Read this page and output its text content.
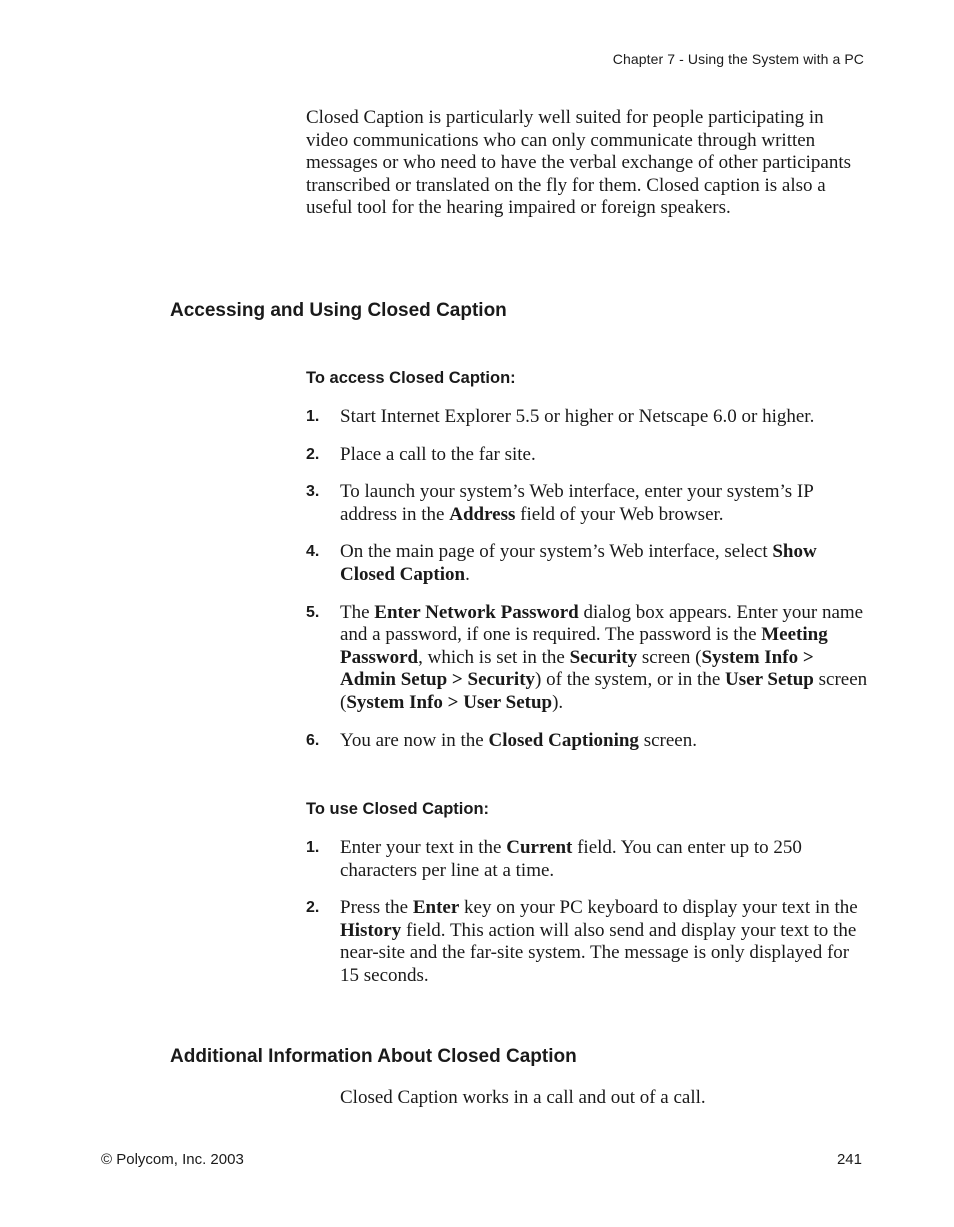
Chapter 7 - Using the System with a PC

Closed Caption is particularly well suited for people participating in video communications who can only communicate through written messages or who need to have the verbal exchange of other participants transcribed or translated on the fly for them. Closed caption is also a useful tool for the hearing impaired or foreign speakers.

Accessing and Using Closed Caption
To access Closed Caption:
1. Start Internet Explorer 5.5 or higher or Netscape 6.0 or higher.
2. Place a call to the far site.
3. To launch your system’s Web interface, enter your system’s IP address in the Address field of your Web browser.
4. On the main page of your system’s Web interface, select Show Closed Caption.
5. The Enter Network Password dialog box appears. Enter your name and a password, if one is required. The password is the Meeting Password, which is set in the Security screen (System Info > Admin Setup > Security) of the system, or in the User Setup screen (System Info > User Setup).
6. You are now in the Closed Captioning screen.
To use Closed Caption:
1. Enter your text in the Current field. You can enter up to 250 characters per line at a time.
2. Press the Enter key on your PC keyboard to display your text in the History field. This action will also send and display your text to the near-site and the far-site system. The message is only displayed for 15 seconds.
Additional Information About Closed Caption

Closed Caption works in a call and out of a call.

© Polycom, Inc. 2003	241
